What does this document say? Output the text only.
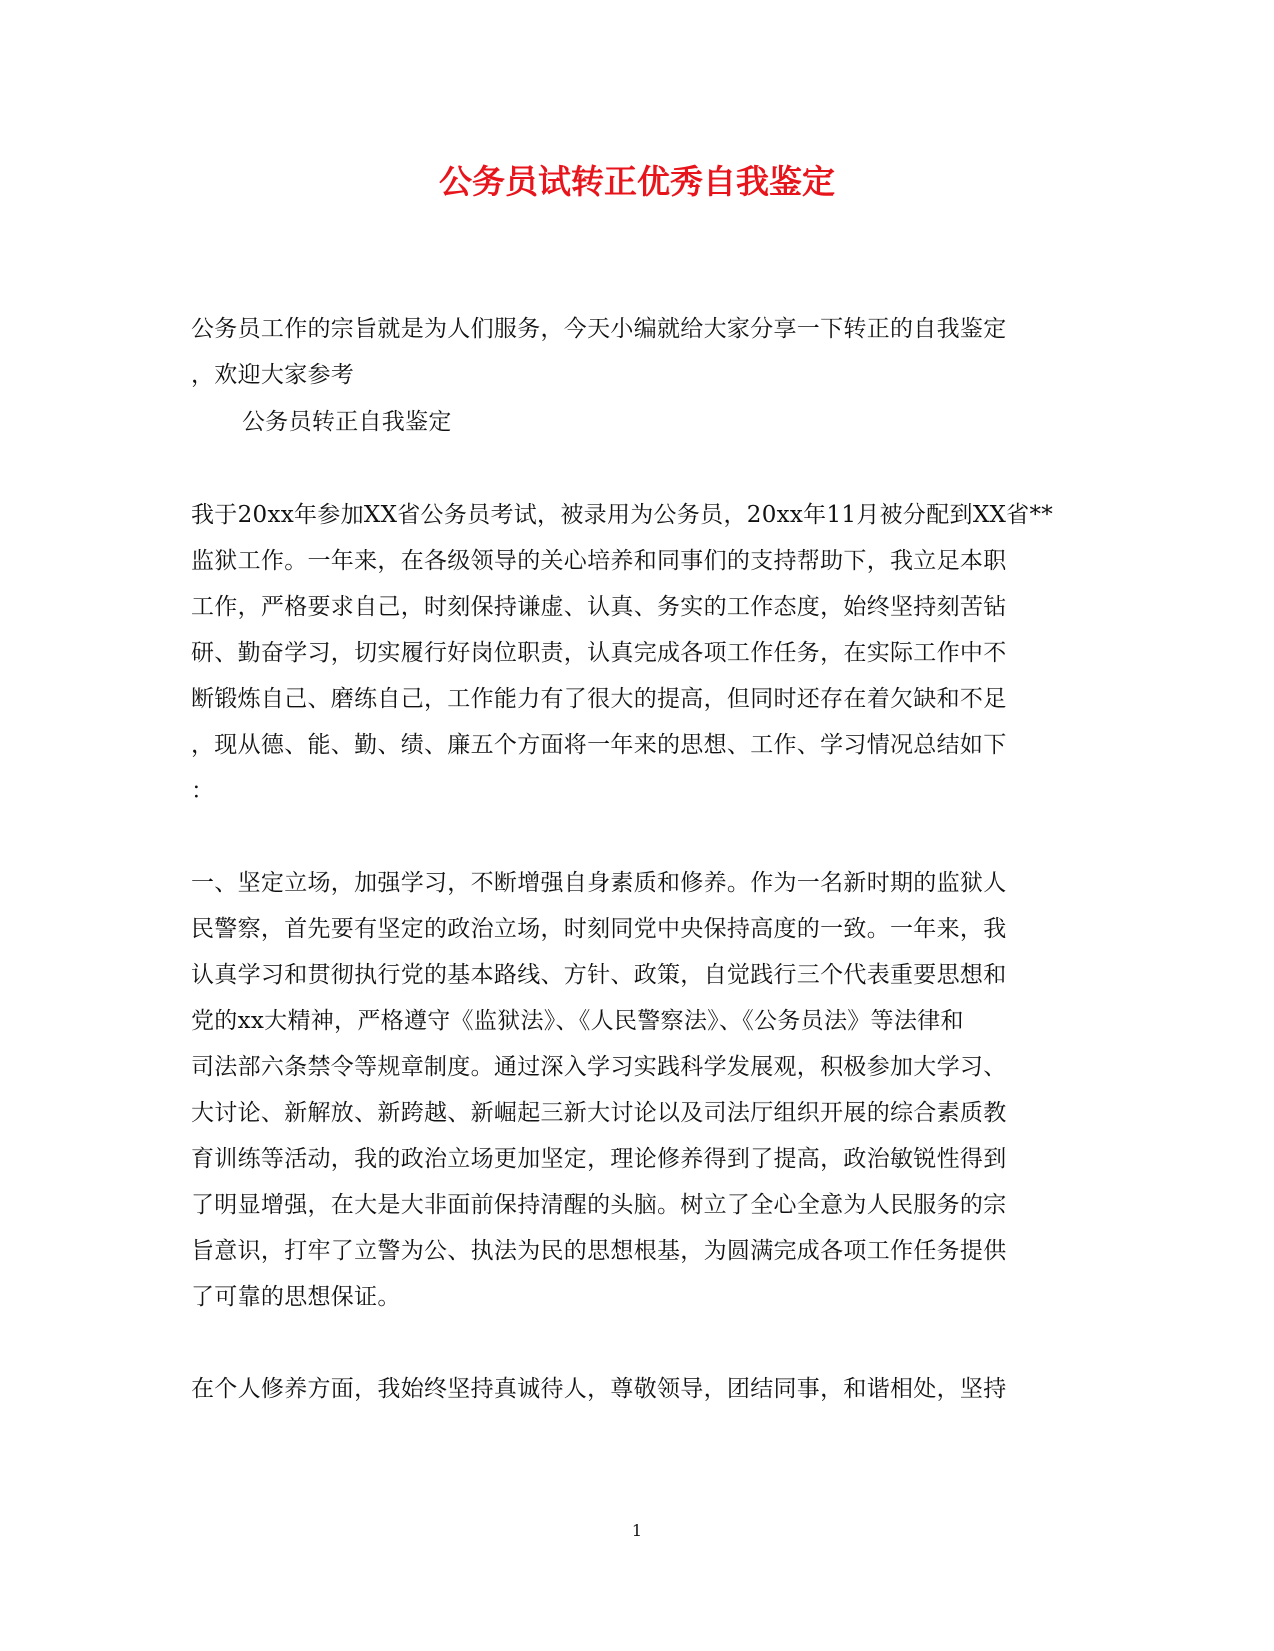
公务员试转正优秀自我鉴定
公务员工作的宗旨就是为人们服务，今天小编就给大家分享一下转正的自我鉴定
，欢迎大家参考
公务员转正自我鉴定
我于20xx年参加XX省公务员考试，被录用为公务员，20xx年11月被分配到XX省**
监狱工作。一年来，在各级领导的关心培养和同事们的支持帮助下，我立足本职
工作，严格要求自己，时刻保持谦虚、认真、务实的工作态度，始终坚持刻苦钻
研、勤奋学习，切实履行好岗位职责，认真完成各项工作任务，在实际工作中不
断锻炼自己、磨练自己，工作能力有了很大的提高，但同时还存在着欠缺和不足
，现从德、能、勤、绩、廉五个方面将一年来的思想、工作、学习情况总结如下
：
一、坚定立场，加强学习，不断增强自身素质和修养。作为一名新时期的监狱人
民警察，首先要有坚定的政治立场，时刻同党中央保持高度的一致。一年来，我
认真学习和贯彻执行党的基本路线、方针、政策，自觉践行三个代表重要思想和
党的xx大精神，严格遵守《监狱法》、《人民警察法》、《公务员法》等法律和
司法部六条禁令等规章制度。通过深入学习实践科学发展观，积极参加大学习、
大讨论、新解放、新跨越、新崛起三新大讨论以及司法厅组织开展的综合素质教
育训练等活动，我的政治立场更加坚定，理论修养得到了提高，政治敏锐性得到
了明显增强，在大是大非面前保持清醒的头脑。树立了全心全意为人民服务的宗
旨意识，打牢了立警为公、执法为民的思想根基，为圆满完成各项工作任务提供
了可靠的思想保证。
在个人修养方面，我始终坚持真诚待人，尊敬领导，团结同事，和谐相处，坚持
1
